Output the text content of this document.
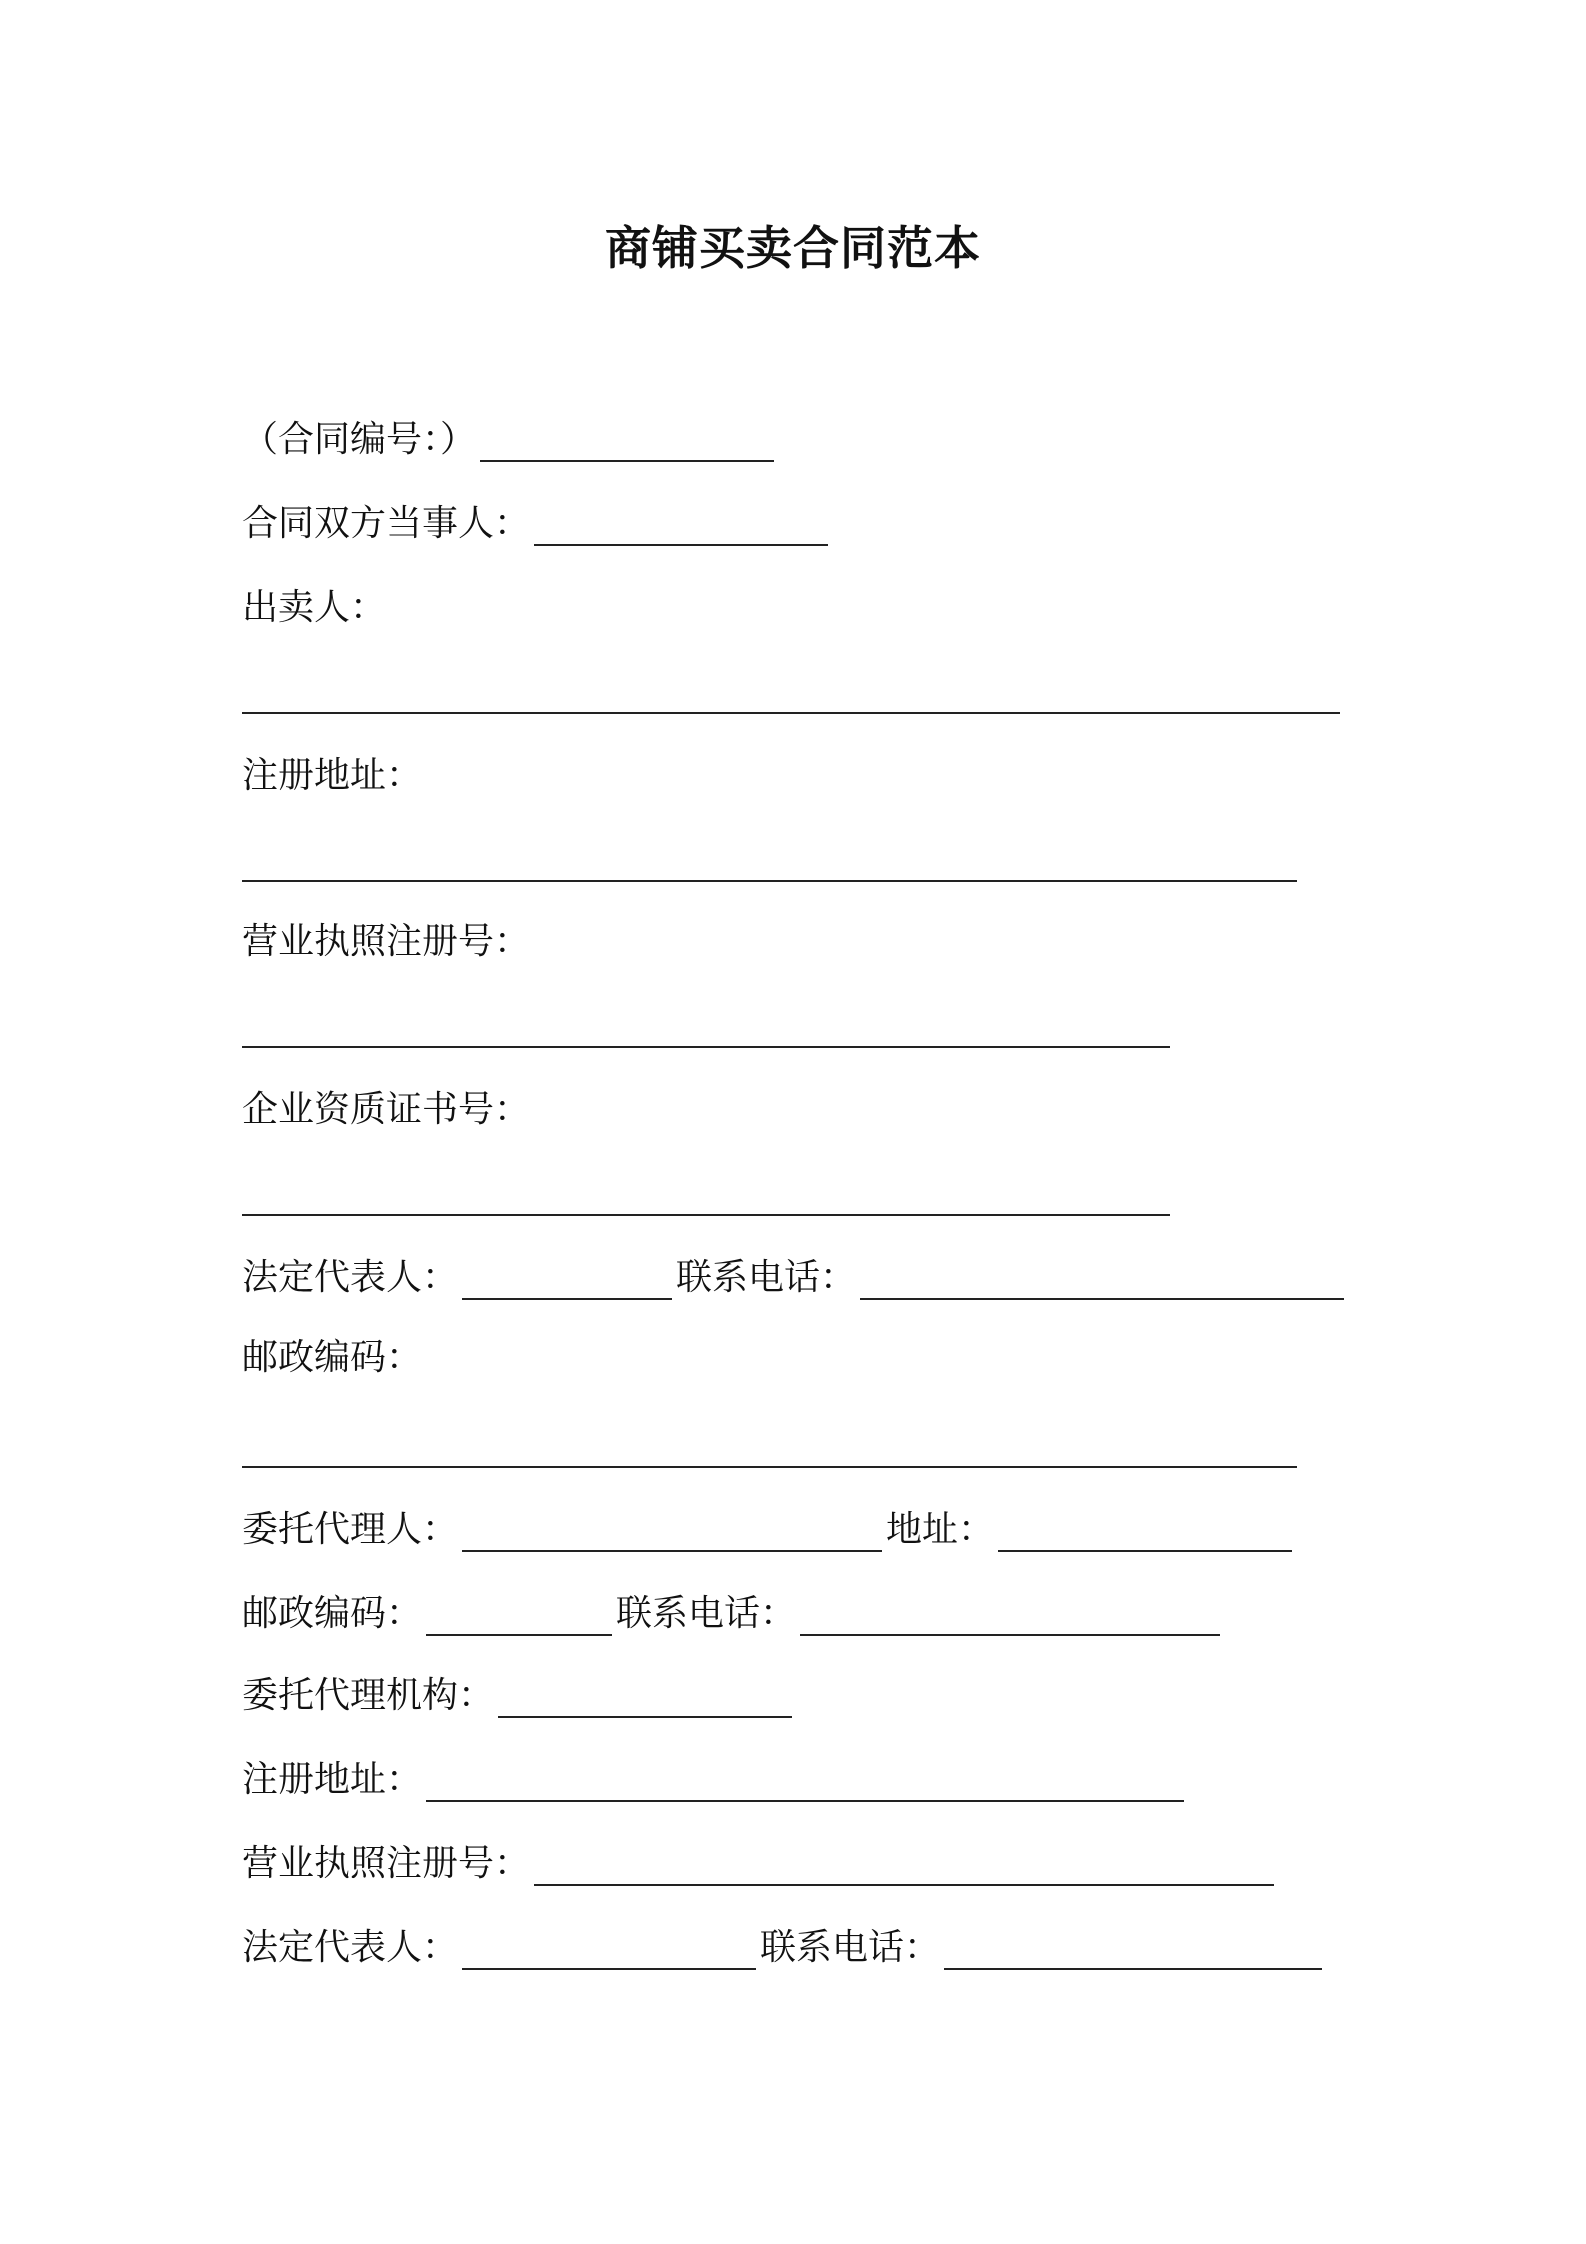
商铺买卖合同范本
（合同编号：）
合同双方当事人：
出卖人：
注册地址：
营业执照注册号：
企业资质证书号：
法定代表人：	联系电话：
邮政编码：
委托代理人：	地址：
邮政编码：	联系电话：
委托代理机构：
注册地址：
营业执照注册号：
法定代表人：	联系电话：
